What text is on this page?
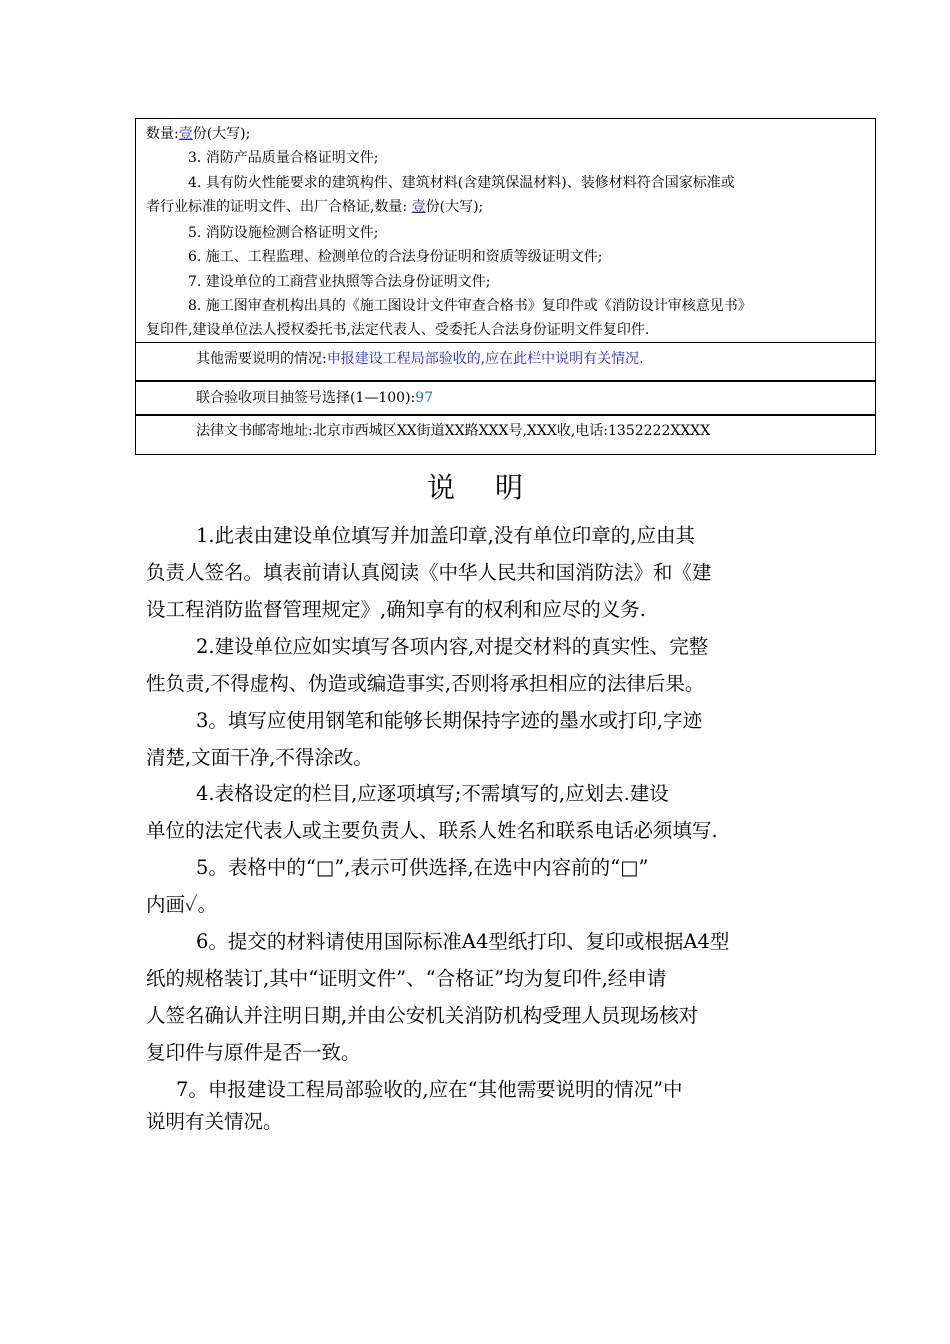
数量:壹份(大写);
3. 消防产品质量合格证明文件;
4. 具有防火性能要求的建筑构件、建筑材料(含建筑保温材料)、装修材料符合国家标准或
者行业标准的证明文件、出厂合格证,数量: 壹份(大写);
5. 消防设施检测合格证明文件;
6. 施工、工程监理、检测单位的合法身份证明和资质等级证明文件;
7. 建设单位的工商营业执照等合法身份证明文件;
8. 施工图审查机构出具的《施工图设计文件审查合格书》复印件或《消防设计审核意见书》
复印件,建设单位法人授权委托书,法定代表人、受委托人合法身份证明文件复印件.
其他需要说明的情况:申报建设工程局部验收的,应在此栏中说明有关情况.
联合验收项目抽签号选择(1—100):97
法律文书邮寄地址:北京市西城区XX街道XX路XXX号,XXX收,电话:1352222XXXX
说明
1.此表由建设单位填写并加盖印章,没有单位印章的,应由其
负责人签名。填表前请认真阅读《中华人民共和国消防法》和《建
设工程消防监督管理规定》,确知享有的权利和应尽的义务.
2.建设单位应如实填写各项内容,对提交材料的真实性、完整
性负责,不得虚构、伪造或编造事实,否则将承担相应的法律后果。
3。填写应使用钢笔和能够长期保持字迹的墨水或打印,字迹
清楚,文面干净,不得涂改。
4.表格设定的栏目,应逐项填写;不需填写的,应划去.建设
单位的法定代表人或主要负责人、联系人姓名和联系电话必须填写.
5。表格中的“□”,表示可供选择,在选中内容前的“□”
内画✓。
6。提交的材料请使用国际标准A4型纸打印、复印或根据A4型
纸的规格装订,其中“证明文件”、“合格证”均为复印件,经申请
人签名确认并注明日期,并由公安机关消防机构受理人员现场核对
复印件与原件是否一致。
7。申报建设工程局部验收的,应在“其他需要说明的情况”中
说明有关情况。
